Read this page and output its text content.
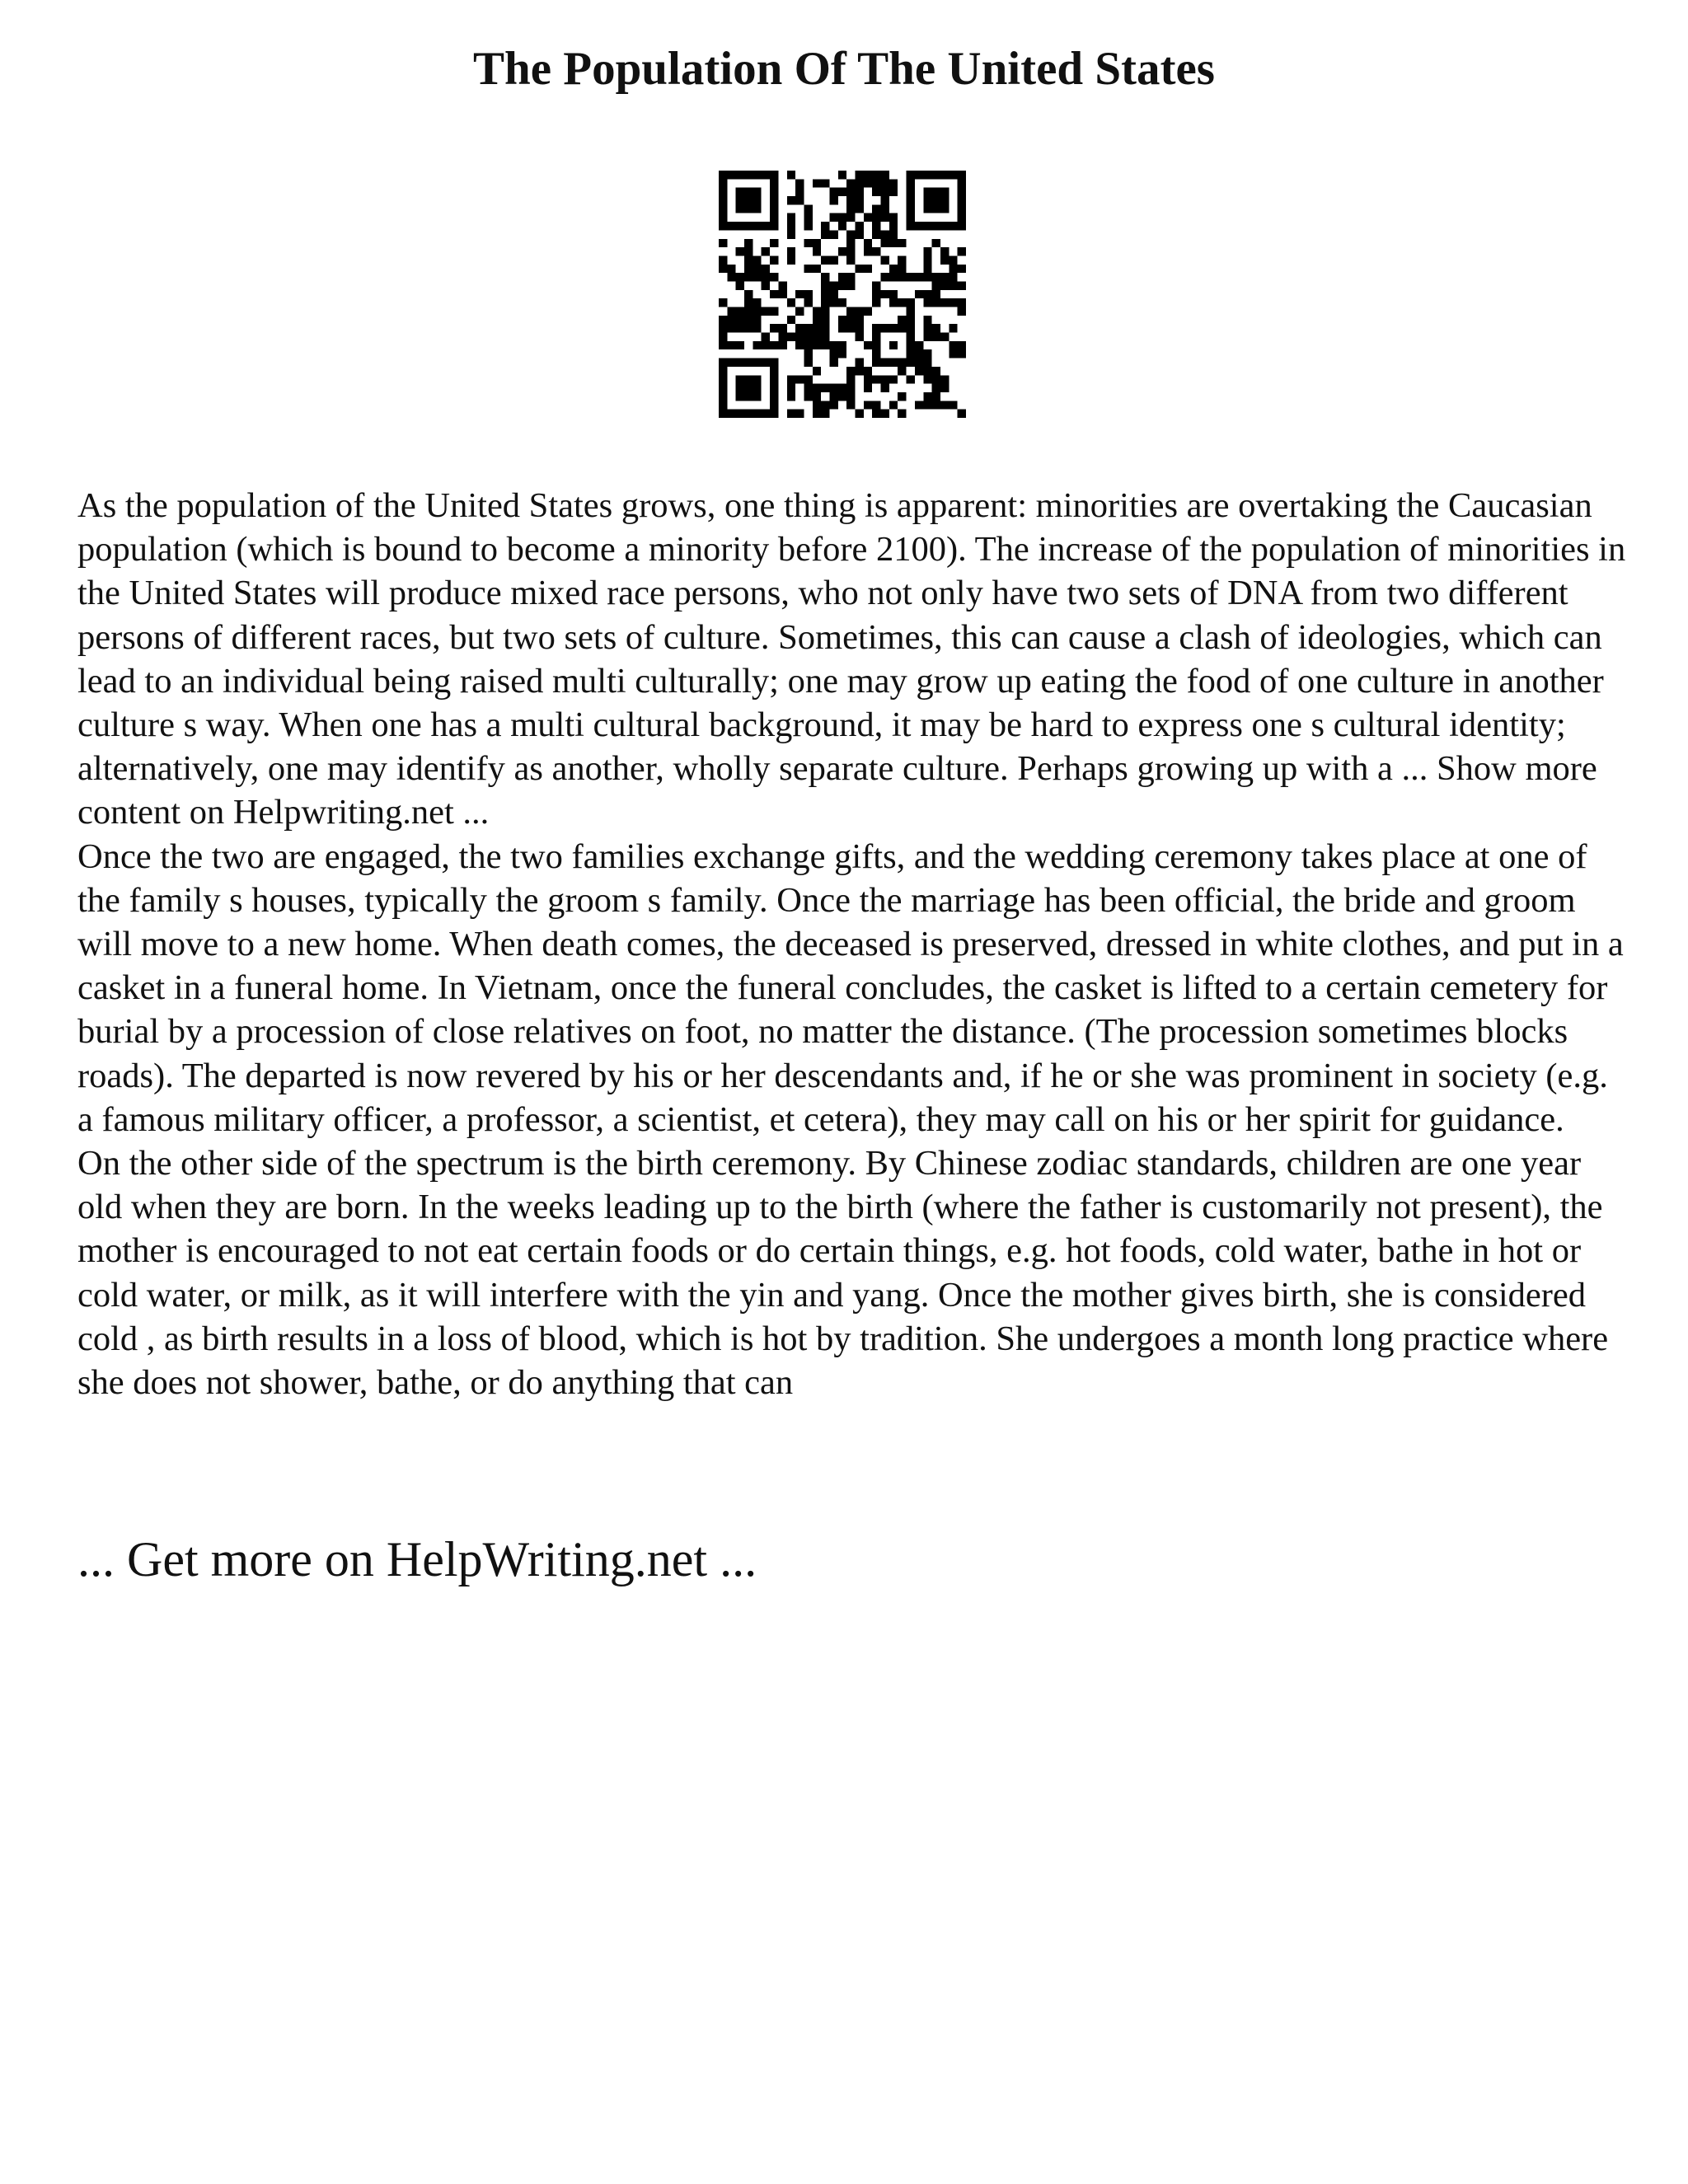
The Population Of The United States

As the population of the United States grows, one thing is apparent: minorities are overtaking the Caucasian population (which is bound to become a minority before 2100). The increase of the population of minorities in the United States will produce mixed race persons, who not only have two sets of DNA from two different persons of different races, but two sets of culture. Sometimes, this can cause a clash of ideologies, which can lead to an individual being raised multi culturally; one may grow up eating the food of one culture in another culture s way. When one has a multi cultural background, it may be hard to express one s cultural identity; alternatively, one may identify as another, wholly separate culture. Perhaps growing up with a ... Show more content on Helpwriting.net ...

Once the two are engaged, the two families exchange gifts, and the wedding ceremony takes place at one of the family s houses, typically the groom s family. Once the marriage has been official, the bride and groom will move to a new home. When death comes, the deceased is preserved, dressed in white clothes, and put in a casket in a funeral home. In Vietnam, once the funeral concludes, the casket is lifted to a certain cemetery for burial by a procession of close relatives on foot, no matter the distance. (The procession sometimes blocks roads). The departed is now revered by his or her descendants and, if he or she was prominent in society (e.g. a famous military officer, a professor, a scientist, et cetera), they may call on his or her spirit for guidance.

On the other side of the spectrum is the birth ceremony. By Chinese zodiac standards, children are one year old when they are born. In the weeks leading up to the birth (where the father is customarily not present), the mother is encouraged to not eat certain foods or do certain things, e.g. hot foods, cold water, bathe in hot or cold water, or milk, as it will interfere with the yin and yang. Once the mother gives birth, she is considered cold , as birth results in a loss of blood, which is hot by tradition. She undergoes a month long practice where she does not shower, bathe, or do anything that can

... Get more on HelpWriting.net ...
